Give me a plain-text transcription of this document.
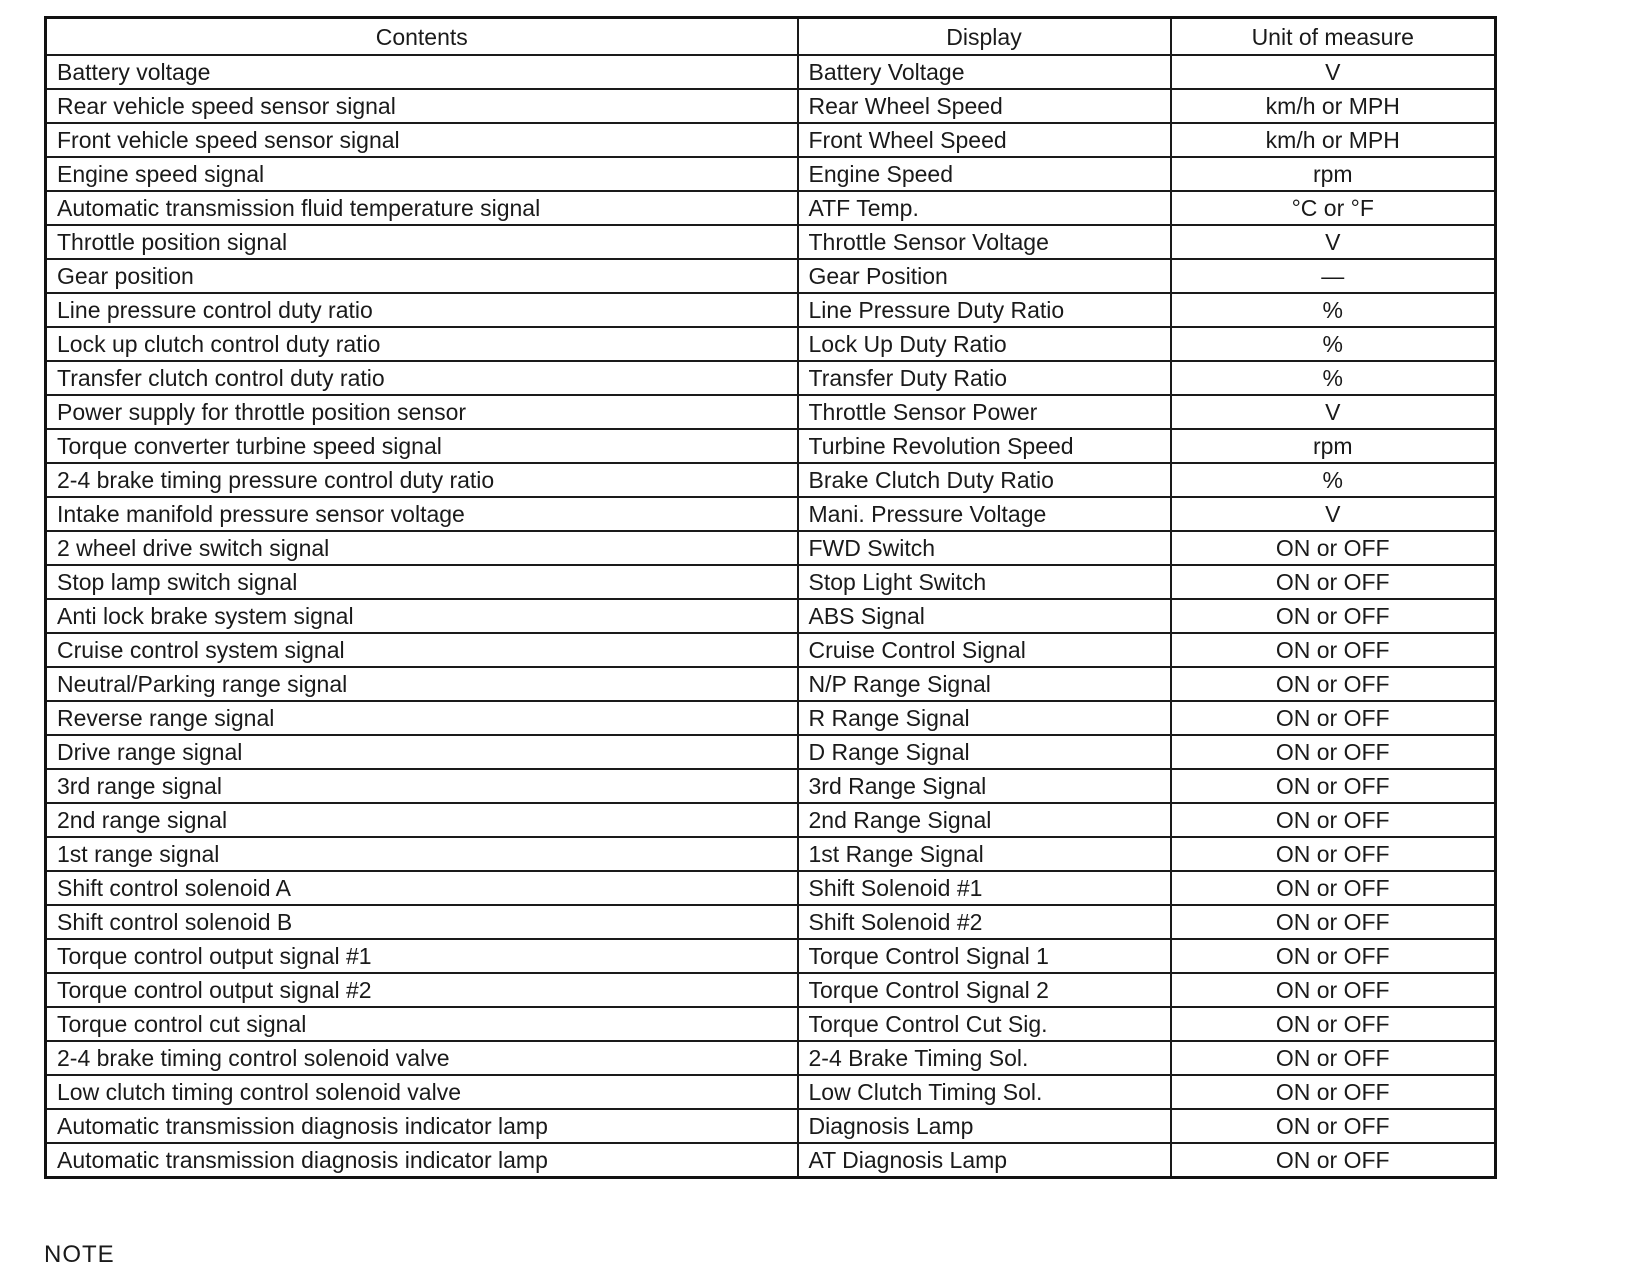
Contents	Display	Unit of measure
Battery voltage	Battery Voltage	V
Rear vehicle speed sensor signal	Rear Wheel Speed	km/h or MPH
Front vehicle speed sensor signal	Front Wheel Speed	km/h or MPH
Engine speed signal	Engine Speed	rpm
Automatic transmission fluid temperature signal	ATF Temp.	°C or °F
Throttle position signal	Throttle Sensor Voltage	V
Gear position	Gear Position	—
Line pressure control duty ratio	Line Pressure Duty Ratio	%
Lock up clutch control duty ratio	Lock Up Duty Ratio	%
Transfer clutch control duty ratio	Transfer Duty Ratio	%
Power supply for throttle position sensor	Throttle Sensor Power	V
Torque converter turbine speed signal	Turbine Revolution Speed	rpm
2-4 brake timing pressure control duty ratio	Brake Clutch Duty Ratio	%
Intake manifold pressure sensor voltage	Mani. Pressure Voltage	V
2 wheel drive switch signal	FWD Switch	ON or OFF
Stop lamp switch signal	Stop Light Switch	ON or OFF
Anti lock brake system signal	ABS Signal	ON or OFF
Cruise control system signal	Cruise Control Signal	ON or OFF
Neutral/Parking range signal	N/P Range Signal	ON or OFF
Reverse range signal	R Range Signal	ON or OFF
Drive range signal	D Range Signal	ON or OFF
3rd range signal	3rd Range Signal	ON or OFF
2nd range signal	2nd Range Signal	ON or OFF
1st range signal	1st Range Signal	ON or OFF
Shift control solenoid A	Shift Solenoid #1	ON or OFF
Shift control solenoid B	Shift Solenoid #2	ON or OFF
Torque control output signal #1	Torque Control Signal 1	ON or OFF
Torque control output signal #2	Torque Control Signal 2	ON or OFF
Torque control cut signal	Torque Control Cut Sig.	ON or OFF
2-4 brake timing control solenoid valve	2-4 Brake Timing Sol.	ON or OFF
Low clutch timing control solenoid valve	Low Clutch Timing Sol.	ON or OFF
Automatic transmission diagnosis indicator lamp	Diagnosis Lamp	ON or OFF
Automatic transmission diagnosis indicator lamp	AT Diagnosis Lamp	ON or OFF
NOTE
